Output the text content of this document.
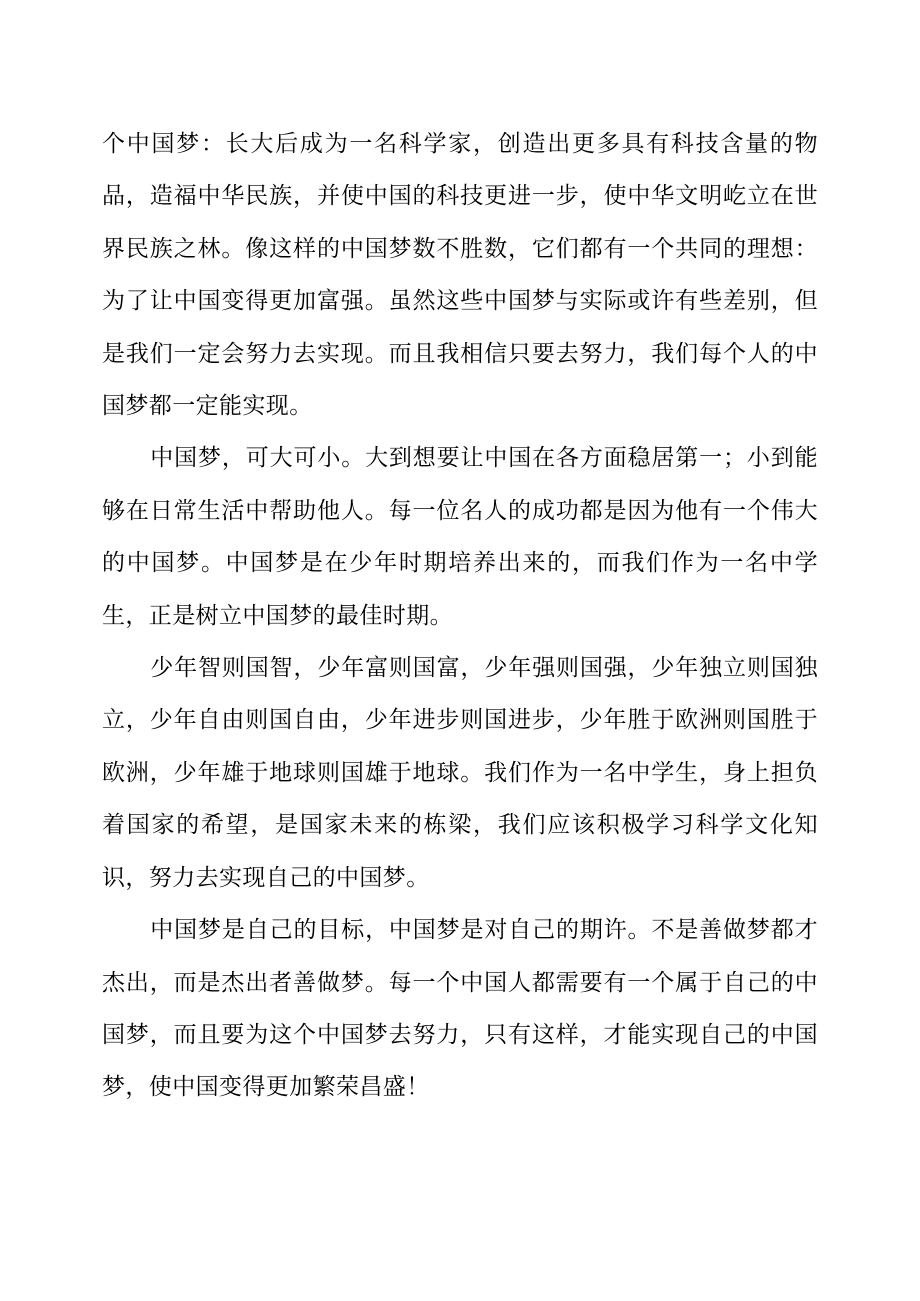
个中国梦：长大后成为一名科学家，创造出更多具有科技含量的物品，造福中华民族，并使中国的科技更进一步，使中华文明屹立在世界民族之林。像这样的中国梦数不胜数，它们都有一个共同的理想：为了让中国变得更加富强。虽然这些中国梦与实际或许有些差别，但是我们一定会努力去实现。而且我相信只要去努力，我们每个人的中国梦都一定能实现。

中国梦，可大可小。大到想要让中国在各方面稳居第一；小到能够在日常生活中帮助他人。每一位名人的成功都是因为他有一个伟大的中国梦。中国梦是在少年时期培养出来的，而我们作为一名中学生，正是树立中国梦的最佳时期。

少年智则国智，少年富则国富，少年强则国强，少年独立则国独立，少年自由则国自由，少年进步则国进步，少年胜于欧洲则国胜于欧洲，少年雄于地球则国雄于地球。我们作为一名中学生，身上担负着国家的希望，是国家未来的栋梁，我们应该积极学习科学文化知识，努力去实现自己的中国梦。

中国梦是自己的目标，中国梦是对自己的期许。不是善做梦都才杰出，而是杰出者善做梦。每一个中国人都需要有一个属于自己的中国梦，而且要为这个中国梦去努力，只有这样，才能实现自己的中国梦，使中国变得更加繁荣昌盛！
